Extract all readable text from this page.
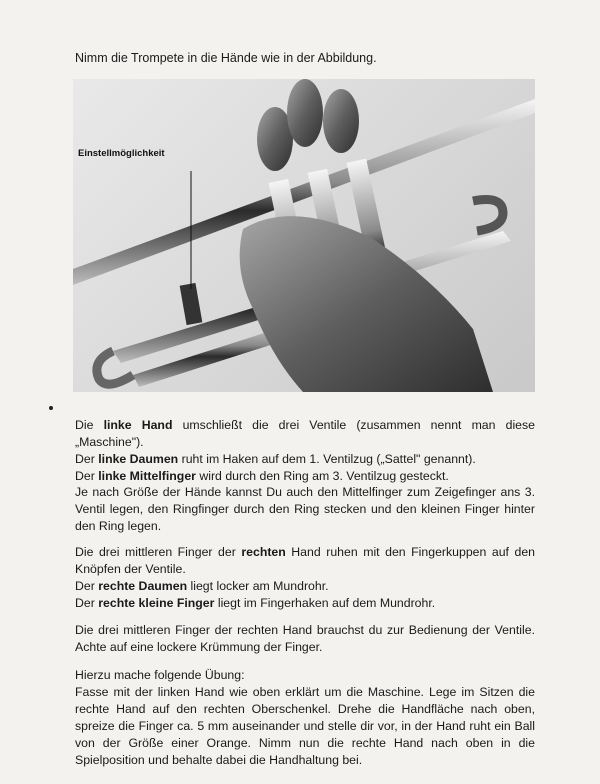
Nimm die Trompete in die Hände wie in der Abbildung.

Einstellmöglichkeit

Die linke Hand umschließt die drei Ventile (zusammen nennt man diese „Maschine").
Der linke Daumen ruht im Haken auf dem 1. Ventilzug („Sattel" genannt).
Der linke Mittelfinger wird durch den Ring am 3. Ventilzug gesteckt.

Je nach Größe der Hände kannst Du auch den Mittelfinger zum Zeigefinger ans 3. Ventil legen, den Ringfinger durch den Ring stecken und den kleinen Finger hinter den Ring legen.

Die drei mittleren Finger der rechten Hand ruhen mit den Fingerkuppen auf den Knöpfen der Ventile.
Der rechte Daumen liegt locker am Mundrohr.
Der rechte kleine Finger liegt im Fingerhaken auf dem Mundrohr.

Die drei mittleren Finger der rechten Hand brauchst du zur Bedienung der Ventile. Achte auf eine lockere Krümmung der Finger.

Hierzu mache folgende Übung:
Fasse mit der linken Hand wie oben erklärt um die Maschine. Lege im Sitzen die rechte Hand auf den rechten Oberschenkel. Drehe die Handfläche nach oben, spreize die Finger ca. 5 mm auseinander und stelle dir vor, in der Hand ruht ein Ball von der Größe einer Orange. Nimm nun die rechte Hand nach oben in die Spielposition und behalte dabei die Handhaltung bei.
